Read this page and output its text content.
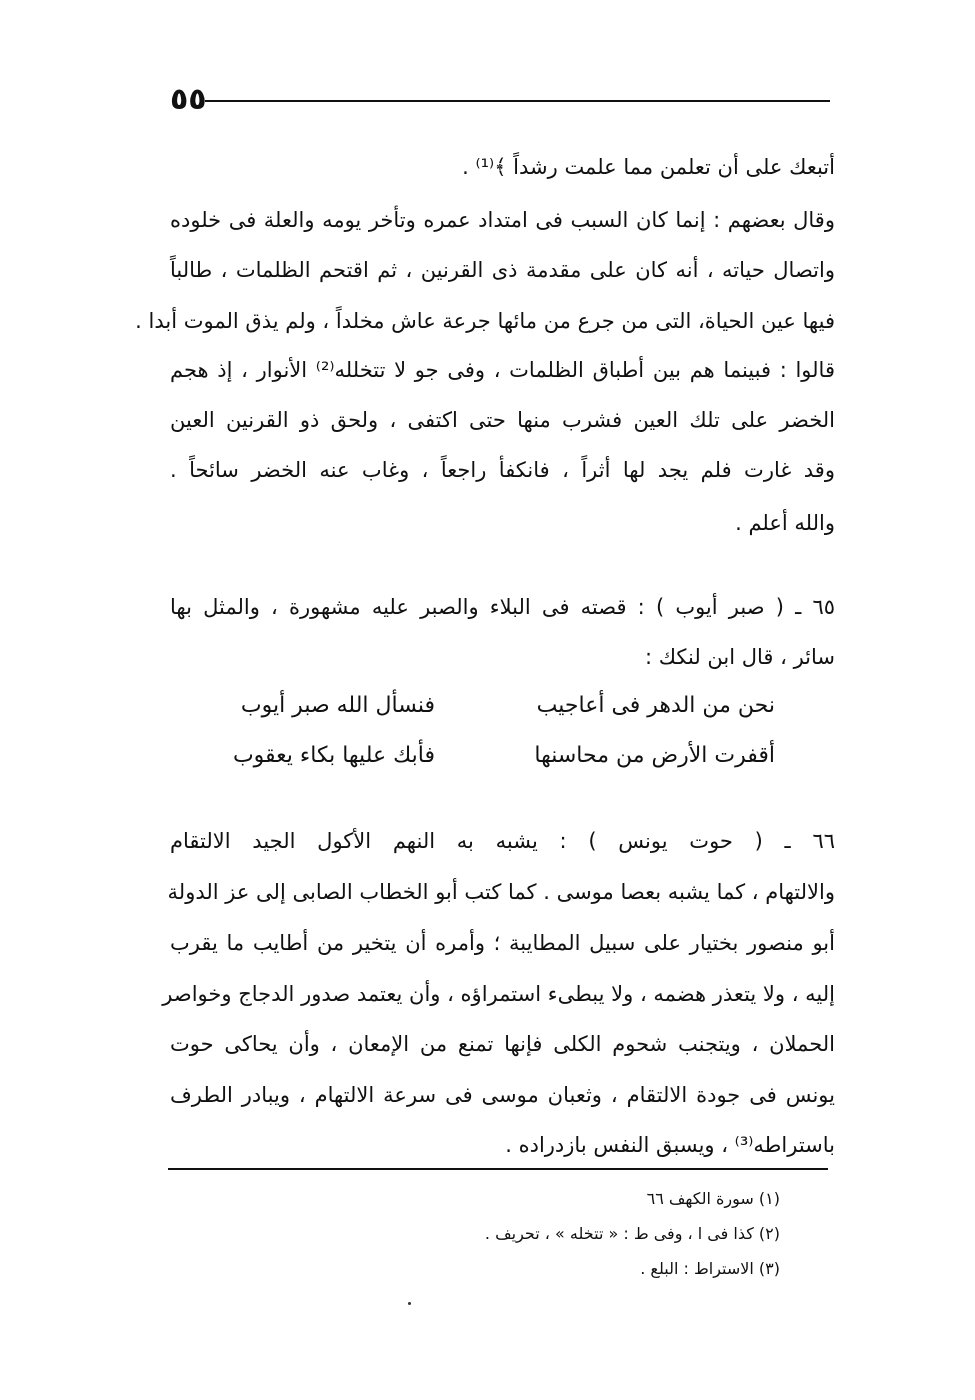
٥٥
أتبعك على أن تعلمن مما علمت رشداً ﴾⁽¹⁾ .
وقال بعضهم : إنما كان السبب فى امتداد عمره وتأخر يومه والعلة فى خلوده
واتصال حياته ، أنه كان على مقدمة ذى القرنين ، ثم اقتحم الظلمات ، طالباً
فيها عين الحياة، التى من جرع من مائها جرعة عاش مخلداً ، ولم يذق الموت أبدا .
قالوا : فبينما هم بين أطباق الظلمات ، وفى جو لا تتخلله⁽²⁾ الأنوار ، إذ هجم
الخضر على تلك العين فشرب منها حتى اكتفى ، ولحق ذو القرنين العين
وقد غارت فلم يجد لها أثراً ، فانكفأ راجعاً ، وغاب عنه الخضر سائحاً .
والله أعلم .
٦٥ ـ ( صبر أيوب ) : قصته فى البلاء والصبر عليه مشهورة ، والمثل بها
سائر ، قال ابن لنكك :
نحن من الدهر فى أعاجيب
فنسأل الله صبر أيوب
أقفرت الأرض من محاسنها
فأبك عليها بكاء يعقوب
٦٦ ـ ( حوت يونس ) : يشبه به النهم الأكول الجيد الالتقام
والالتهام ، كما يشبه بعصا موسى . كما كتب أبو الخطاب الصابى إلى عز الدولة
أبو منصور بختيار على سبيل المطايبة ؛ وأمره أن يتخير من أطايب ما يقرب
إليه ، ولا يتعذر هضمه ، ولا يبطىء استمراؤه ، وأن يعتمد صدور الدجاج وخواصر
الحملان ، ويتجنب شحوم الكلى فإنها تمنع من الإمعان ، وأن يحاكى حوت
يونس فى جودة الالتقام ، وثعبان موسى فى سرعة الالتهام ، ويبادر الطرف
باستراطه⁽³⁾ ، ويسبق النفس بازدراده .
(١) سورة الكهف ٦٦
(٢) كذا فى ا ، وفى ط : « تتخله » ، تحريف .
(٣) الاستراط : البلع .
